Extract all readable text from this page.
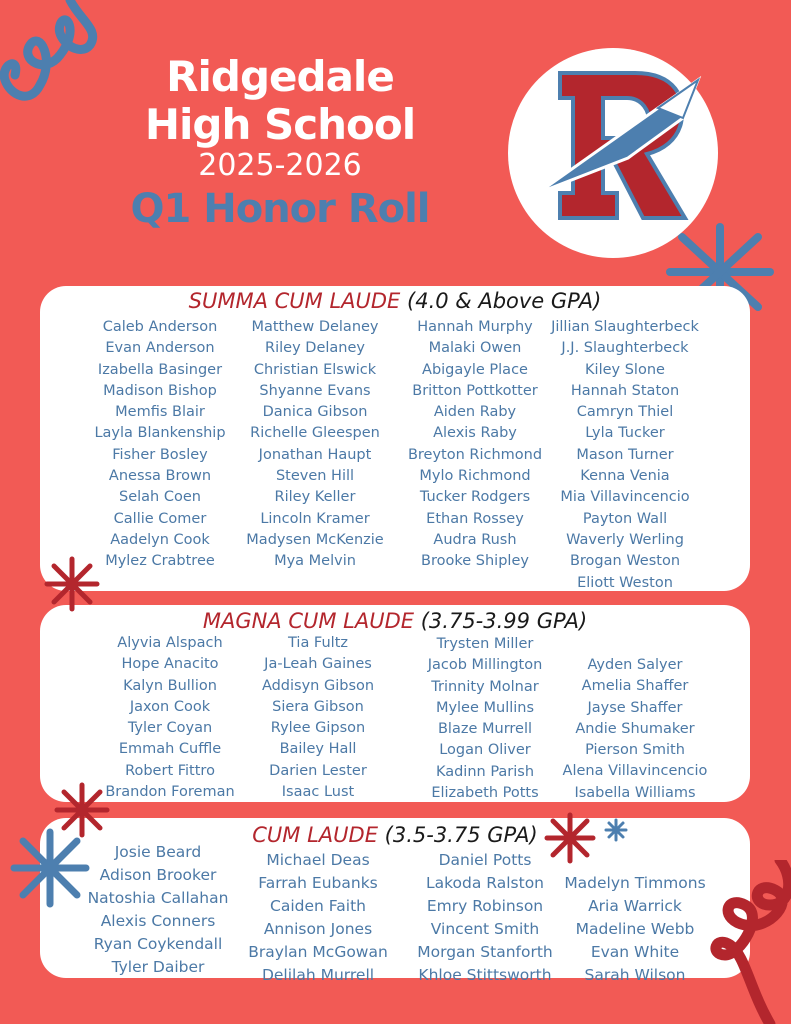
Ridgedale
High School
2025-2026
Q1 Honor Roll
SUMMA CUM LAUDE (4.0 & Above GPA)
Caleb Anderson
Evan Anderson
Izabella Basinger
Madison Bishop
Memfis Blair
Layla Blankenship
Fisher Bosley
Anessa Brown
Selah Coen
Callie Comer
Aadelyn Cook
Mylez Crabtree
Matthew Delaney
Riley Delaney
Christian Elswick
Shyanne Evans
Danica Gibson
Richelle Gleespen
Jonathan Haupt
Steven Hill
Riley Keller
Lincoln Kramer
Madysen McKenzie
Mya Melvin
Hannah Murphy
Malaki Owen
Abigayle Place
Britton Pottkotter
Aiden Raby
Alexis Raby
Breyton Richmond
Mylo Richmond
Tucker Rodgers
Ethan Rossey
Audra Rush
Brooke Shipley
Jillian Slaughterbeck
J.J. Slaughterbeck
Kiley Slone
Hannah Staton
Camryn Thiel
Lyla Tucker
Mason Turner
Kenna Venia
Mia Villavincencio
Payton Wall
Waverly Werling
Brogan Weston
Eliott Weston
MAGNA CUM LAUDE (3.75-3.99 GPA)
Alyvia Alspach
Hope Anacito
Kalyn Bullion
Jaxon Cook
Tyler Coyan
Emmah Cuffle
Robert Fittro
Brandon Foreman
Tia Fultz
Ja-Leah Gaines
Addisyn Gibson
Siera Gibson
Rylee Gipson
Bailey Hall
Darien Lester
Isaac Lust
Trysten Miller
Jacob Millington
Trinnity Molnar
Mylee Mullins
Blaze Murrell
Logan Oliver
Kadinn Parish
Elizabeth Potts
Ayden Salyer
Amelia Shaffer
Jayse Shaffer
Andie Shumaker
Pierson Smith
Alena Villavincencio
Isabella Williams
CUM LAUDE (3.5-3.75 GPA)
Josie Beard
Adison Brooker
Natoshia Callahan
Alexis Conners
Ryan Coykendall
Tyler Daiber
Michael Deas
Farrah Eubanks
Caiden Faith
Annison Jones
Braylan McGowan
Delilah Murrell
Daniel Potts
Lakoda Ralston
Emry Robinson
Vincent Smith
Morgan Stanforth
Khloe Stittsworth
Madelyn Timmons
Aria Warrick
Madeline Webb
Evan White
Sarah Wilson
